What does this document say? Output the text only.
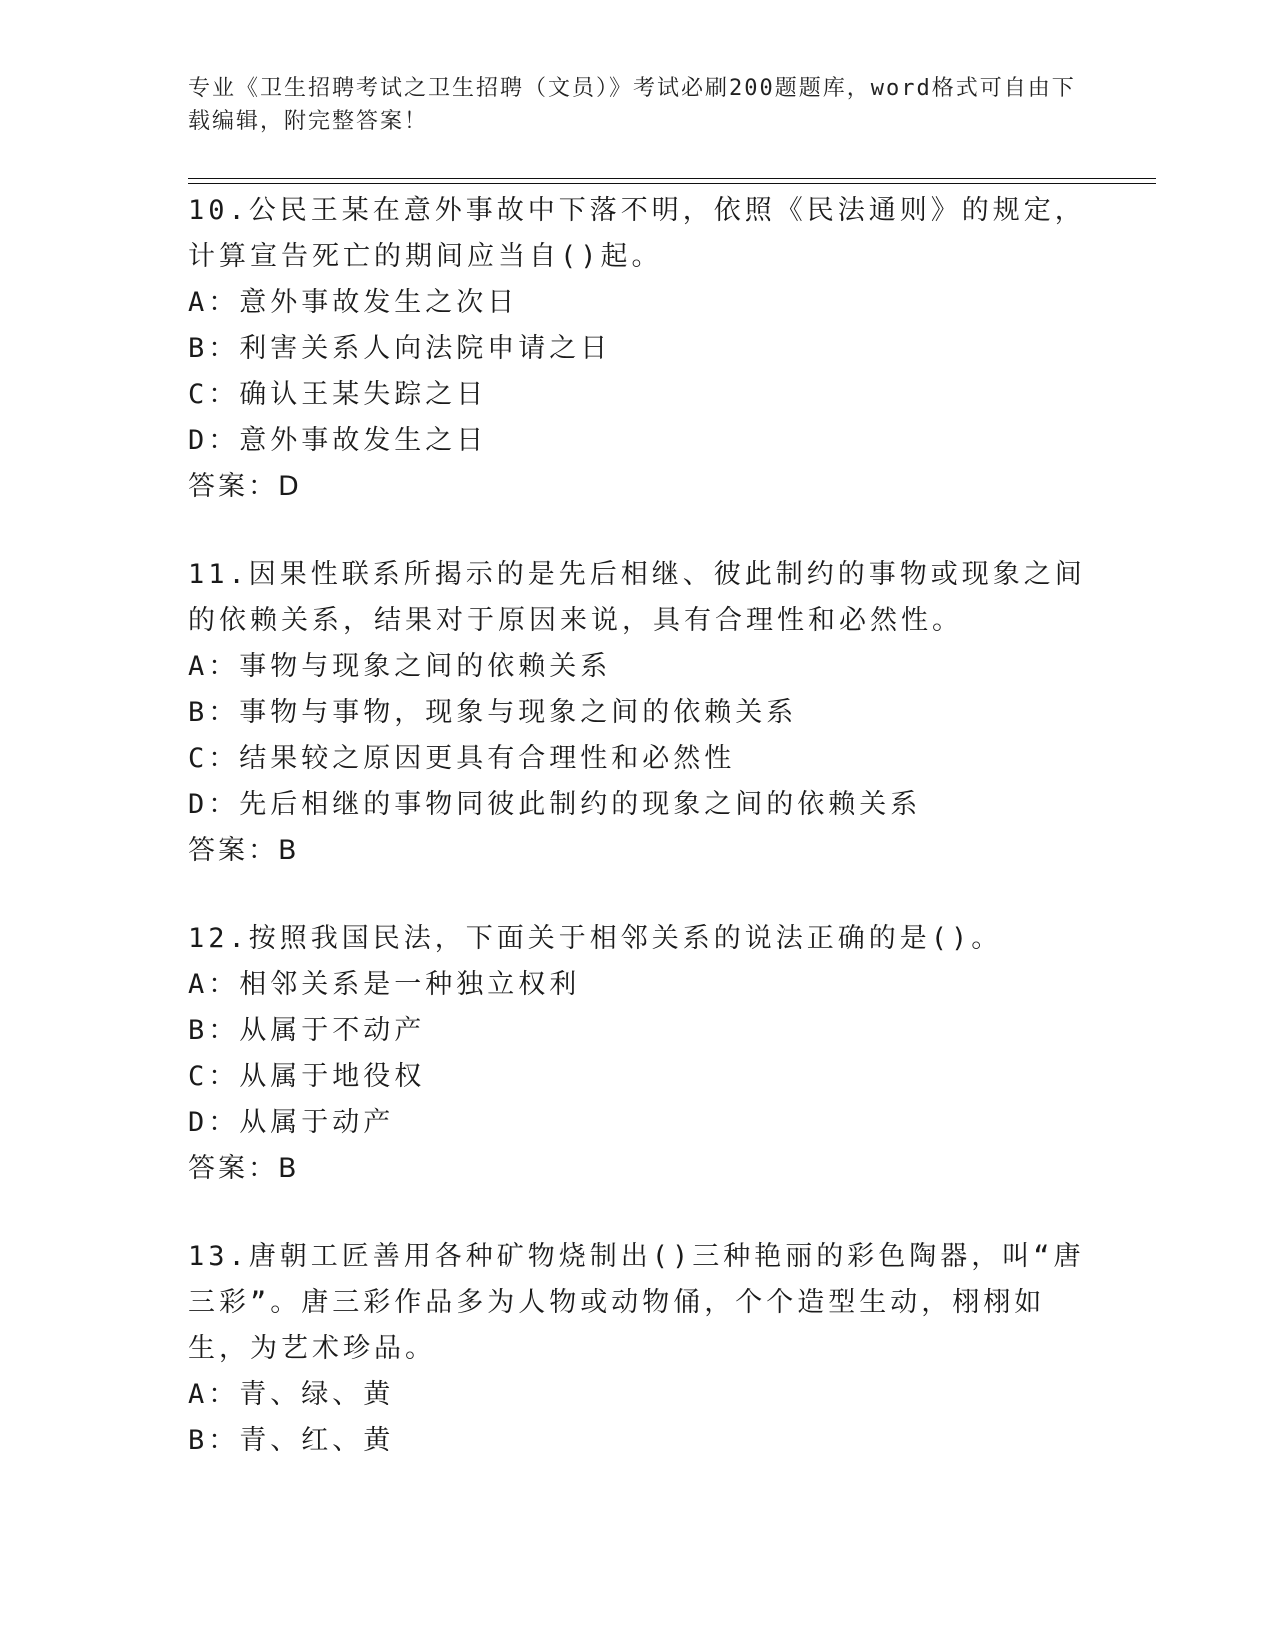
专业《卫生招聘考试之卫生招聘（文员）》考试必刷200题题库，word格式可自由下载编辑，附完整答案！

10.公民王某在意外事故中下落不明，依照《民法通则》的规定，计算宣告死亡的期间应当自()起。

A：意外事故发生之次日

B：利害关系人向法院申请之日

C：确认王某失踪之日

D：意外事故发生之日

答案：D

11.因果性联系所揭示的是先后相继、彼此制约的事物或现象之间的依赖关系，结果对于原因来说，具有合理性和必然性。

A：事物与现象之间的依赖关系

B：事物与事物，现象与现象之间的依赖关系

C：结果较之原因更具有合理性和必然性

D：先后相继的事物同彼此制约的现象之间的依赖关系

答案：B

12.按照我国民法，下面关于相邻关系的说法正确的是()。

A：相邻关系是一种独立权利

B：从属于不动产

C：从属于地役权

D：从属于动产

答案：B

13.唐朝工匠善用各种矿物烧制出()三种艳丽的彩色陶器，叫“唐三彩”。唐三彩作品多为人物或动物俑，个个造型生动，栩栩如生，为艺术珍品。

A：青、绿、黄

B：青、红、黄
